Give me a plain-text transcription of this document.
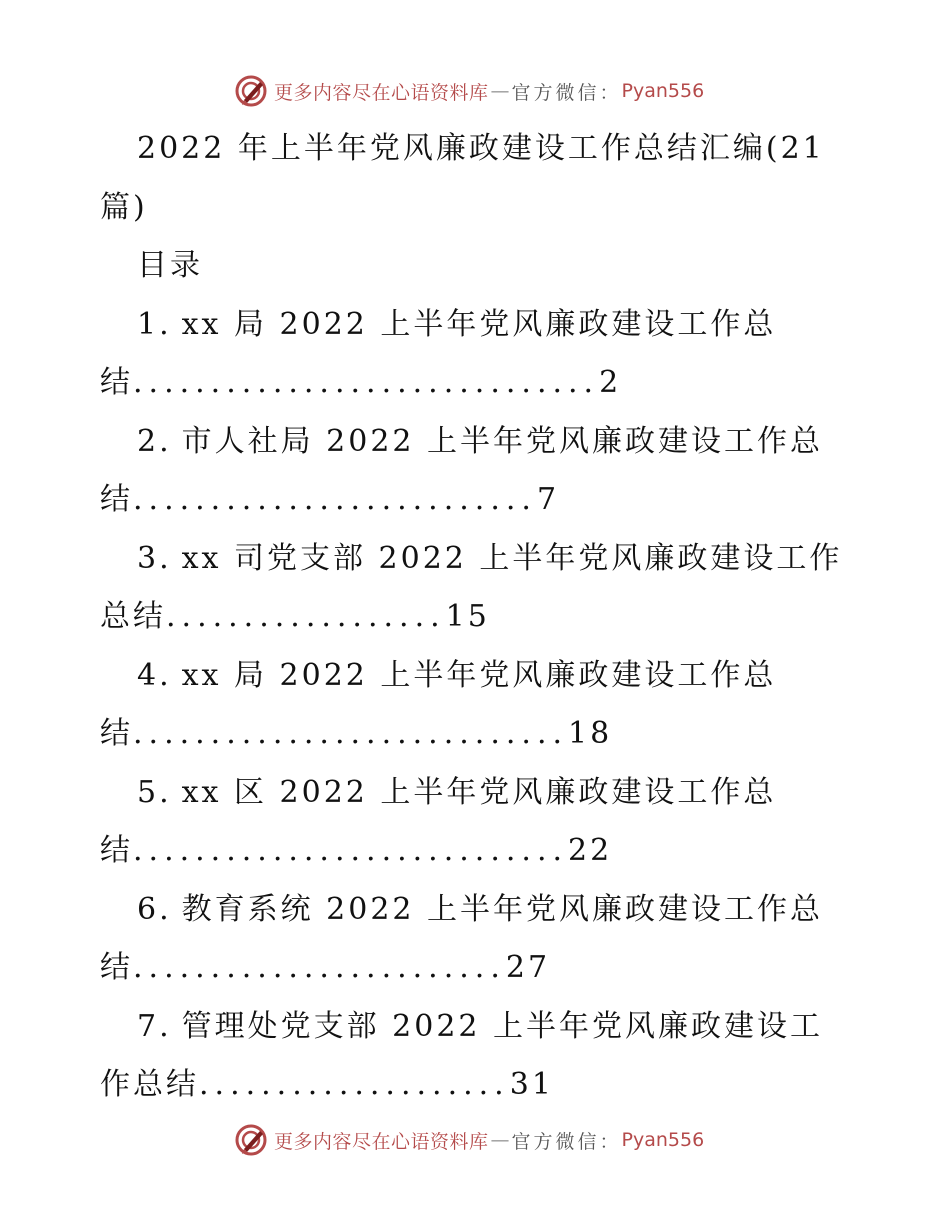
更多内容尽在心语资料库 — 官方微信： Pyan556
2022 年上半年党风廉政建设工作总结汇编(21
篇)
目录
1. xx 局 2022 上半年党风廉政建设工作总
结..............................2
2. 市人社局 2022 上半年党风廉政建设工作总
结..........................7
3. xx 司党支部 2022 上半年党风廉政建设工作
总结..................15
4. xx 局 2022 上半年党风廉政建设工作总
结............................18
5. xx 区 2022 上半年党风廉政建设工作总
结............................22
6. 教育系统 2022 上半年党风廉政建设工作总
结........................27
7. 管理处党支部 2022 上半年党风廉政建设工
作总结....................31
更多内容尽在心语资料库 — 官方微信： Pyan556
